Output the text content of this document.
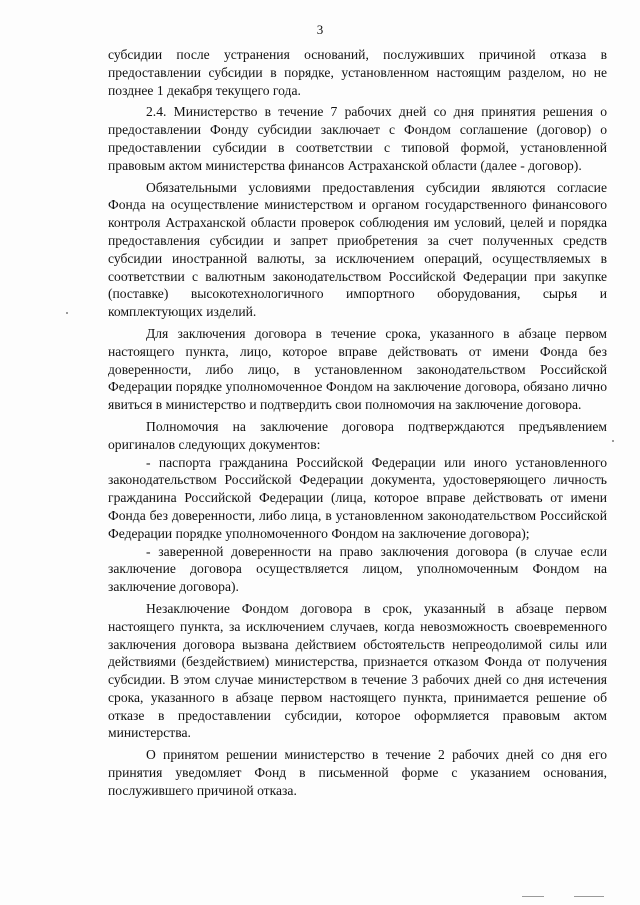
3

субсидии после устранения оснований, послуживших причиной отказа в предоставлении субсидии в порядке, установленном настоящим разделом, но не позднее 1 декабря текущего года.

2.4. Министерство в течение 7 рабочих дней со дня принятия решения о предоставлении Фонду субсидии заключает с Фондом соглашение (договор) о предоставлении субсидии в соответствии с типовой формой, установленной правовым актом министерства финансов Астраханской области (далее - договор).

Обязательными условиями предоставления субсидии являются согласие Фонда на осуществление министерством и органом государственного финансового контроля Астраханской области проверок соблюдения им условий, целей и порядка предоставления субсидии и запрет приобретения за счет полученных средств субсидии иностранной валюты, за исключением операций, осуществляемых в соответствии с валютным законодательством Российской Федерации при закупке (поставке) высокотехнологичного импортного оборудования, сырья и комплектующих изделий.

Для заключения договора в течение срока, указанного в абзаце первом настоящего пункта, лицо, которое вправе действовать от имени Фонда без доверенности, либо лицо, в установленном законодательством Российской Федерации порядке уполномоченное Фондом на заключение договора, обязано лично явиться в министерство и подтвердить свои полномочия на заключение договора.

Полномочия на заключение договора подтверждаются предъявлением оригиналов следующих документов:

- паспорта гражданина Российской Федерации или иного установленного законодательством Российской Федерации документа, удостоверяющего личность гражданина Российской Федерации (лица, которое вправе действовать от имени Фонда без доверенности, либо лица, в установленном законодательством Российской Федерации порядке уполномоченного Фондом на заключение договора);

- заверенной доверенности на право заключения договора (в случае если заключение договора осуществляется лицом, уполномоченным Фондом на заключение договора).

Незаключение Фондом договора в срок, указанный в абзаце первом настоящего пункта, за исключением случаев, когда невозможность своевременного заключения договора вызвана действием обстоятельств непреодолимой силы или действиями (бездействием) министерства, признается отказом Фонда от получения субсидии. В этом случае министерством в течение 3 рабочих дней со дня истечения срока, указанного в абзаце первом настоящего пункта, принимается решение об отказе в предоставлении субсидии, которое оформляется правовым актом министерства.

О принятом решении министерство в течение 2 рабочих дней со дня его принятия уведомляет Фонд в письменной форме с указанием основания, послужившего причиной отказа.
